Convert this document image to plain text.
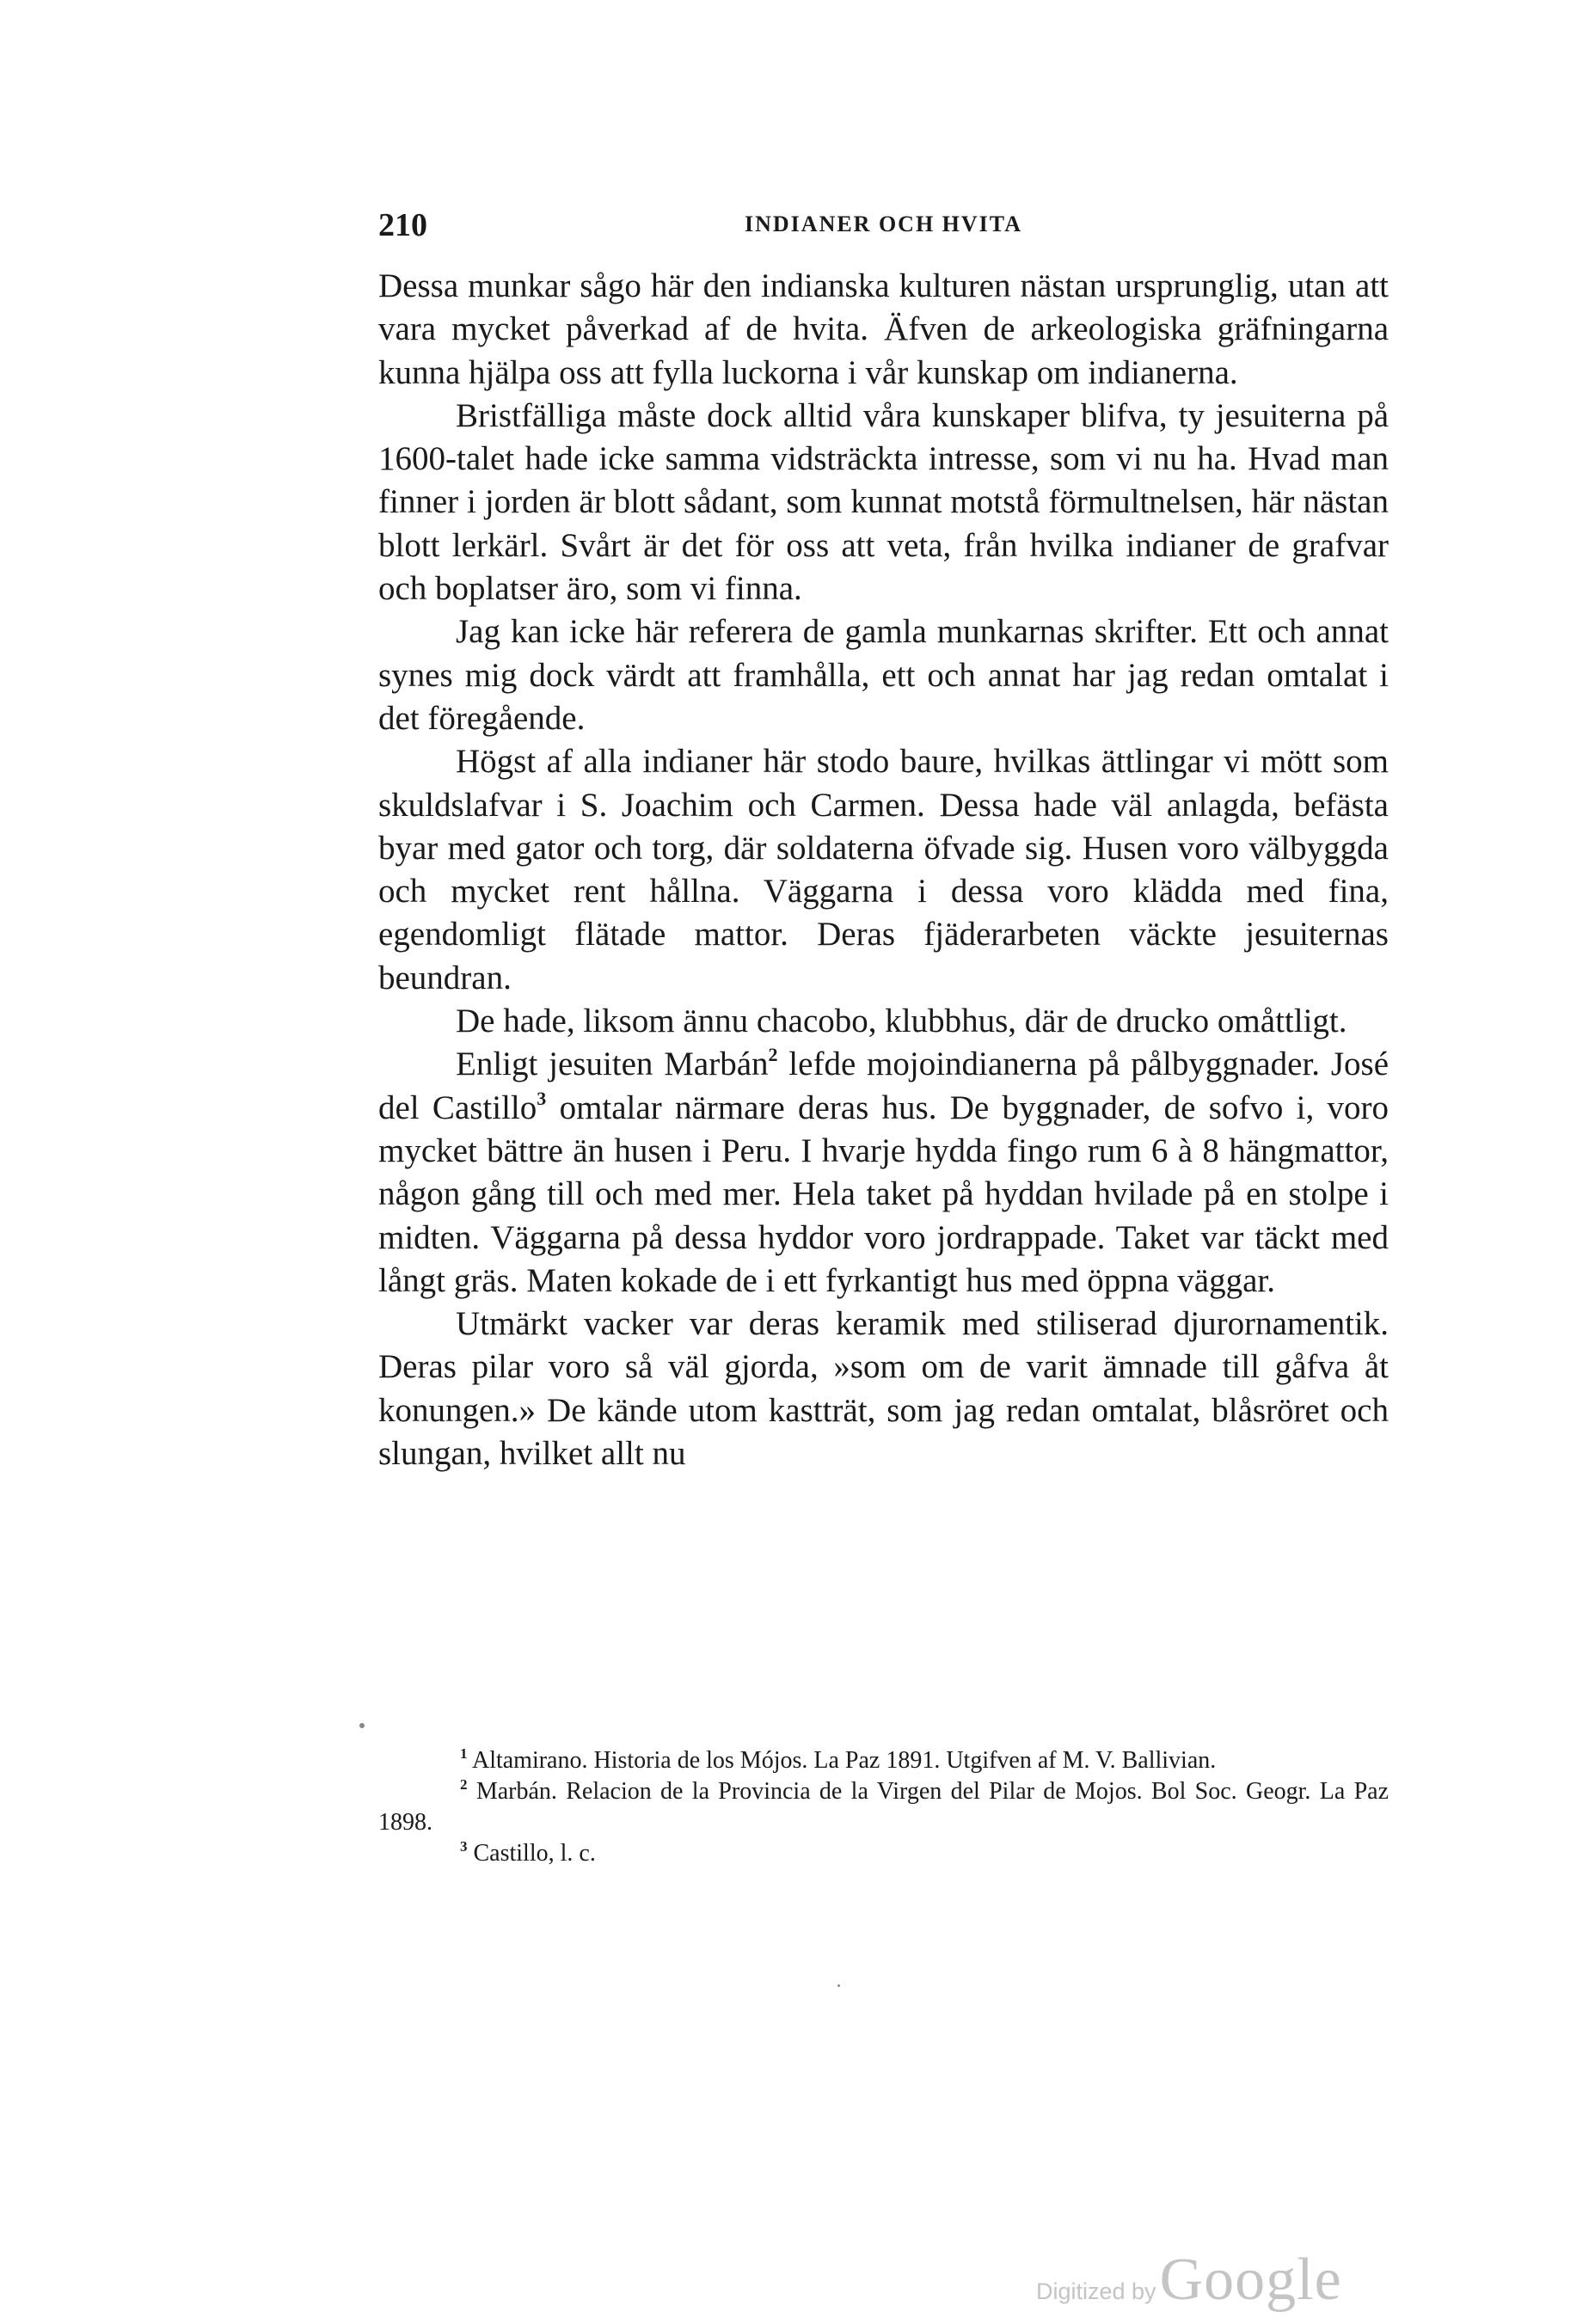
210	INDIANER OCH HVITA

Dessa munkar sågo här den indianska kulturen nästan ursprunglig, utan att vara mycket påverkad af de hvita. Äfven de arkeologiska gräfningarna kunna hjälpa oss att fylla luckorna i vår kunskap om indianerna.

Bristfälliga måste dock alltid våra kunskaper blifva, ty jesuiterna på 1600-talet hade icke samma vidsträckta intresse, som vi nu ha. Hvad man finner i jorden är blott sådant, som kunnat motstå förmultnelsen, här nästan blott lerkärl. Svårt är det för oss att veta, från hvilka indianer de grafvar och boplatser äro, som vi finna.

Jag kan icke här referera de gamla munkarnas skrifter. Ett och annat synes mig dock värdt att framhålla, ett och annat har jag redan omtalat i det föregående.

Högst af alla indianer här stodo baure, hvilkas ättlingar vi mött som skuldslafvar i S. Joachim och Carmen. Dessa hade väl anlagda, befästa byar med gator och torg, där soldaterna öfvade sig. Husen voro välbyggda och mycket rent hållna. Väggarna i dessa voro klädda med fina, egendomligt flätade mattor. Deras fjäderarbeten väckte jesuiternas beundran.

De hade, liksom ännu chacobo, klubbhus, där de drucko omåttligt.

Enligt jesuiten Marbán$^2$ lefde mojoindianerna på pålbyggnader. José del Castillo$^3$ omtalar närmare deras hus. De byggnader, de sofvo i, voro mycket bättre än husen i Peru. I hvarje hydda fingo rum 6 à 8 hängmattor, någon gång till och med mer. Hela taket på hyddan hvilade på en stolpe i midten. Väggarna på dessa hyddor voro jordrappade. Taket var täckt med långt gräs. Maten kokade de i ett fyrkantigt hus med öppna väggar.

Utmärkt vacker var deras keramik med stiliserad djurornamentik. Deras pilar voro så väl gjorda, »som om de varit ämnade till gåfva åt konungen.» De kände utom kastträt, som jag redan omtalat, blåsröret och slungan, hvilket allt nu

$^1$ Altamirano. Historia de los Mójos. La Paz 1891. Utgifven af M. V. Ballivian.

$^2$ Marbán. Relacion de la Provincia de la Virgen del Pilar de Mojos. Bol Soc. Geogr. La Paz 1898.

$^3$ Castillo, l. c.

Digitized byGoogle
